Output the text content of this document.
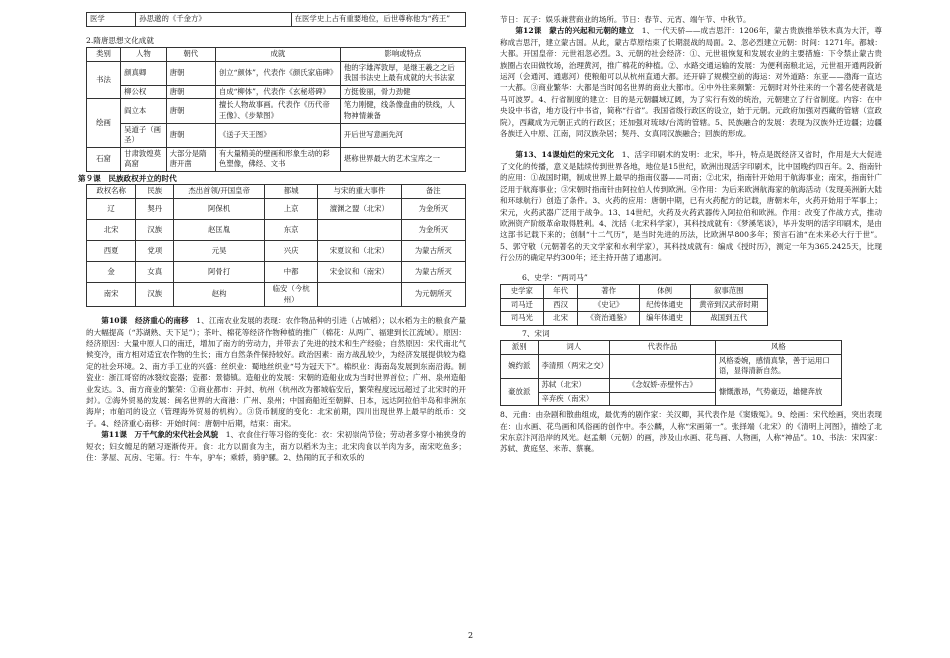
医学	孙思邈的《千金方》	在医学史上占有重要地位，后世尊称他为“药王”

2.隋唐思想文化成就

类别	人物	朝代	成就	影响或特点
书法	颜真卿	唐朝	创立“颜体”，代表作《颜氏家庙碑》	他的字雄浑敦厚，是继王羲之之后我国书法史上最有成就的大书法家
	柳公权	唐朝	自成“柳体”，代表作《玄秘塔碑》	方挺俊丽，骨力劲健
绘画	阎立本	唐朝	擅长人物故事画。代表作《历代帝王像》、《步辇图》	笔力刚健，线条像盘曲的铁线，人物神情兼备
	吴道子（画圣）	唐朝	《送子天王图》	开后世写意画先河
石窟	甘肃敦煌莫高窟	大部分是隋唐开凿	有大量精美的壁画和形象生动的彩色塑像，佛经、文书	堪称世界最大的艺术宝库之一

第９课　民族政权并立的时代

政权名称	民族	杰出首领/开国皇帝	都城	与宋的重大事件	备注
辽	契丹	阿保机	上京	澶渊之盟（北宋）	为金所灭
北宋	汉族	赵匡胤	东京		为金所灭
西夏	党项	元昊	兴庆	宋夏议和（北宋）	为蒙古所灭
金	女真	阿骨打	中都	宋金议和（南宋）	为蒙古所灭
南宋	汉族	赵构	临安（今杭州）		为元朝所灭

  第10课　经济重心的南移  1、江南农业发展的表现：农作物品种的引进（占城稻）；以水稻为主的粮食产量的大幅提高（“苏湖熟、天下足”）；茶叶、棉花等经济作物种植的推广（棉花：从两广、福建到长江流域）。原因：经济原因：大量中原人口的南迁，增加了南方的劳动力，并带去了先进的技术和生产经验；自然原因：宋代南北气候变冷，南方相对适宜农作物的生长；南方自然条件保持较好。政治因素：南方战乱较少，为经济发展提供较为稳定的社会环境。2、南方手工业的兴盛：丝织业：蜀地丝织业“号为冠天下”。棉织业：海南岛发展到东南沿海。制瓷业：浙江哥窑的冰裂纹瓷器；瓷都：景德镇。造船业的发展：宋朝的造船业成为当时世界首位；广州、泉州造船业发达。3、南方商业的繁荣：①商业都市：开封、杭州（杭州改为都城临安后，繁荣程度远远超过了北宋时的开封）。②海外贸易的发展：闽名世界的大商港：广州、泉州；中国商船近至朝鲜、日本，远达阿拉伯半岛和非洲东海岸；市舶司的设立（管理海外贸易的机构）。③货币制度的变化：北宋前期，四川出现世界上最早的纸币：交子。4、经济重心南移：开始时间：唐朝中后期，结束：南宋。

  第11课　万千气象的宋代社会风貌  1、衣食住行等习俗的变化：衣：宋初崇尚节俭；劳动者多穿小袖狭身的短衣；妇女缠足的陋习逐渐传开。食：北方以面食为主，南方以稻米为主；北宋肉食以羊肉为多，南宋吃鱼多；住：茅屋、瓦房、宅第。行：牛车，驴车；乘轿，骑驴骡。2、热闹的瓦子和欢乐的

节日：瓦子：娱乐兼营商业的场所。节日：春节、元宵、端午节、中秋节。

  第12课　蒙古的兴起和元朝的建立  1、一代天骄——成吉思汗：1206年，蒙古贵族推举铁木真为大汗，尊称成吉思汗，建立蒙古国。从此，蒙古草原结束了长期混战的局面。2、忽必烈建立元朝：时间：1271年。都城：大都。开国皇帝：元世祖忽必烈。3、元朝的社会经济：①、元世祖恢复和发展农业的主要措施：下令禁止蒙古贵族圈占农田做牧场，治理黄河，推广棉花的种植。②、水路交通运输的发展：为便利南粮北运，元世祖开通两段新运河（会通河、通惠河）使粮船可以从杭州直通大都。还开辟了规模空前的海运：对外道路：东亚——渤海一直达一大都。③商业繁华：大都是当时闻名世界的商业大都市。④中外往来频繁：元朝时对外往来的一个著名使者就是马可波罗。4、行省制度的建立：目的是元朝疆域辽阔，为了实行有效的统治，元朝建立了行省制度。内容：在中央设中书省，地方设行中书省，简称“行省”。我国省级行政区的设立，始于元朝。元政府加强对西藏的管辖（宣政院），西藏成为元朝正式的行政区；还加强对琉球/台湾的管辖。5、民族融合的发展：表现为汉族外迁边疆；边疆各族迁入中原、江南，同汉族杂居；契丹、女真同汉族融合；回族的形成。

  第13、14课灿烂的宋元文化  1、活字印刷术的发明：北宋，毕升，特点是既经济又省时，作用是大大促进了文化的传播，意义是陆续传到世界各地，地位是15世纪，欧洲出现活字印刷术，比中国晚约四百年。2、指南针的应用：①战国时期，制成世界上最早的指南仪器——司南；②北宋，指南针开始用于航海事业；南宋，指南针广泛用于航海事业；③宋朝时指南针由阿拉伯人传到欧洲。④作用：为后来欧洲航海家的航海活动（发现美洲新大陆和环球航行）创造了条件。3、火药的应用：唐朝中期，已有火药配方的记载，唐朝末年，火药开始用于军事上；宋元，火药武器广泛用于战争。13、14世纪，火药及火药武器传入阿拉伯和欧洲。作用：改变了作战方式，推动欧洲资产阶级革命取得胜利。4、沈括（北宋科学家），其科技成就有：《梦溪笔谈》，毕升发明的活字印刷术，是由这部书记载下来的；创制“十二气历”，是当时先进的历法，比欧洲早800多年；预言石油“在未来必大行于世”。5、郭守敬（元朝著名的天文学家和水利学家），其科技成就有：编成《授时历》，测定一年为365.2425天，比现行公历的确定早约300年；还主持开凿了通惠河。

6、史学：“两司马”

史学家	年代	著作	体例	叙事范围
司马迁	西汉	《史记》	纪传体通史	黄帝到汉武帝时期
司马光	北宋	《资治通鉴》	编年体通史	战国到五代

7、宋词

派别	词人	代表作品	风格
婉约派	李清照（两宋之交）		风格委婉，感情真挚，善于运用口语，显得清新自然。
豪放派	苏轼（北宋）	《念奴娇·赤壁怀古》	慷慨激昂，气势豪迈，雄健奔放
	辛弃疾（南宋）		

8、元曲：由杂剧和散曲组成，最优秀的剧作家：关汉卿，其代表作是《窦娥冤》。9、绘画：宋代绘画，突出表现在：山水画、花鸟画和风俗画的创作中。李公麟，人称“宋画第一”。张择端（北宋）的《清明上河图》，描绘了北宋东京汴河沿岸的风光。赵孟頫（元朝）的画，涉及山水画、花鸟画、人物画，人称“神品”。10、书法：宋四家：苏轼、黄庭坚、米芾、蔡襄。

2
